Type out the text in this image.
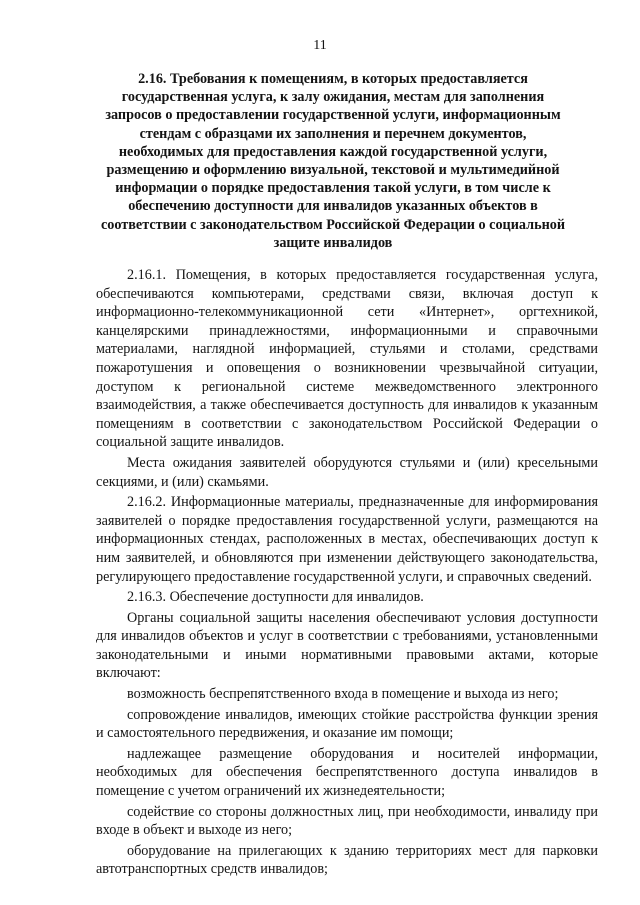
11
2.16. Требования к помещениям, в которых предоставляется государственная услуга, к залу ожидания, местам для заполнения запросов о предоставлении государственной услуги, информационным стендам с образцами их заполнения и перечнем документов, необходимых для предоставления каждой государственной услуги, размещению и оформлению визуальной, текстовой и мультимедийной информации о порядке предоставления такой услуги, в том числе к обеспечению доступности для инвалидов указанных объектов в соответствии с законодательством Российской Федерации о социальной защите инвалидов

2.16.1. Помещения, в которых предоставляется государственная услуга, обеспечиваются компьютерами, средствами связи, включая доступ к информационно-телекоммуникационной сети «Интернет», оргтехникой, канцелярскими принадлежностями, информационными и справочными материалами, наглядной информацией, стульями и столами, средствами пожаротушения и оповещения о возникновении чрезвычайной ситуации, доступом к региональной системе межведомственного электронного взаимодействия, а также обеспечивается доступность для инвалидов к указанным помещениям в соответствии с законодательством Российской Федерации о социальной защите инвалидов.

Места ожидания заявителей оборудуются стульями и (или) кресельными секциями, и (или) скамьями.

2.16.2. Информационные материалы, предназначенные для информирования заявителей о порядке предоставления государственной услуги, размещаются на информационных стендах, расположенных в местах, обеспечивающих доступ к ним заявителей, и обновляются при изменении действующего законодательства, регулирующего предоставление государственной услуги, и справочных сведений.

2.16.3. Обеспечение доступности для инвалидов.

Органы социальной защиты населения обеспечивают условия доступности для инвалидов объектов и услуг в соответствии с требованиями, установленными законодательными и иными нормативными правовыми актами, которые включают:

возможность беспрепятственного входа в помещение и выхода из него;

сопровождение инвалидов, имеющих стойкие расстройства функции зрения и самостоятельного передвижения, и оказание им помощи;

надлежащее размещение оборудования и носителей информации, необходимых для обеспечения беспрепятственного доступа инвалидов в помещение с учетом ограничений их жизнедеятельности;

содействие со стороны должностных лиц, при необходимости, инвалиду при входе в объект и выходе из него;

оборудование на прилегающих к зданию территориях мест для парковки автотранспортных средств инвалидов;
